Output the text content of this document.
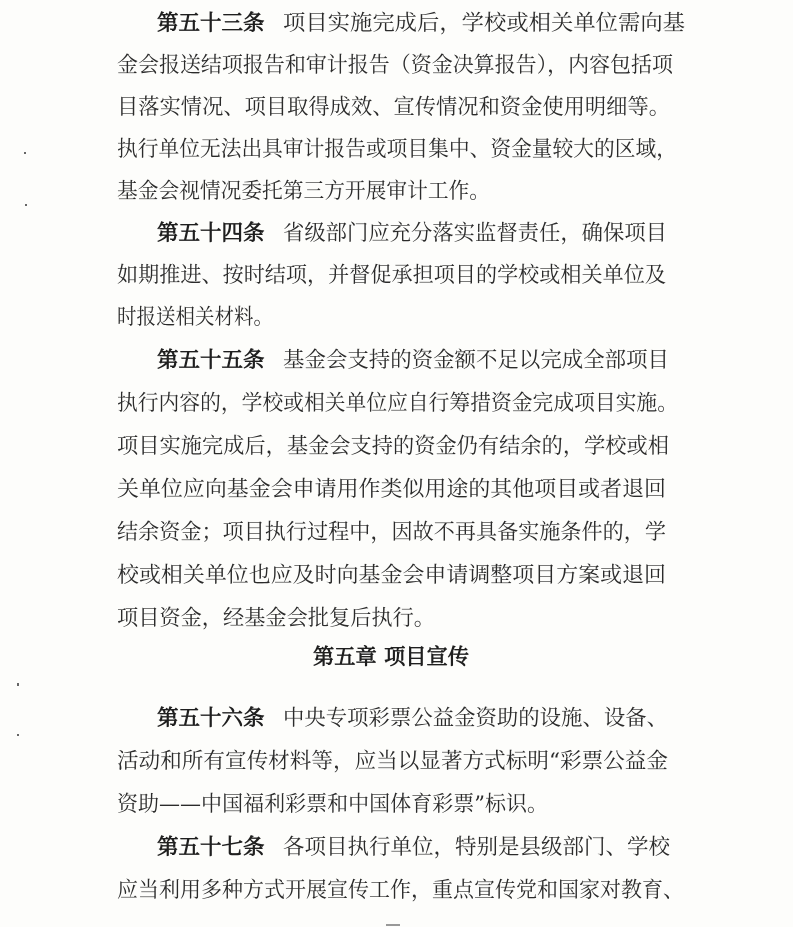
第五十三条 项目实施完成后，学校或相关单位需向基
金会报送结项报告和审计报告（资金决算报告），内容包括项
目落实情况、项目取得成效、宣传情况和资金使用明细等。
执行单位无法出具审计报告或项目集中、资金量较大的区域，
基金会视情况委托第三方开展审计工作。
第五十四条 省级部门应充分落实监督责任，确保项目
如期推进、按时结项，并督促承担项目的学校或相关单位及
时报送相关材料。
第五十五条 基金会支持的资金额不足以完成全部项目
执行内容的，学校或相关单位应自行筹措资金完成项目实施。
项目实施完成后，基金会支持的资金仍有结余的，学校或相
关单位应向基金会申请用作类似用途的其他项目或者退回
结余资金；项目执行过程中，因故不再具备实施条件的，学
校或相关单位也应及时向基金会申请调整项目方案或退回
项目资金，经基金会批复后执行。
第五章 项目宣传
第五十六条 中央专项彩票公益金资助的设施、设备、
活动和所有宣传材料等，应当以显著方式标明“彩票公益金
资助——中国福利彩票和中国体育彩票”标识。
第五十七条 各项目执行单位，特别是县级部门、学校
应当利用多种方式开展宣传工作，重点宣传党和国家对教育、
